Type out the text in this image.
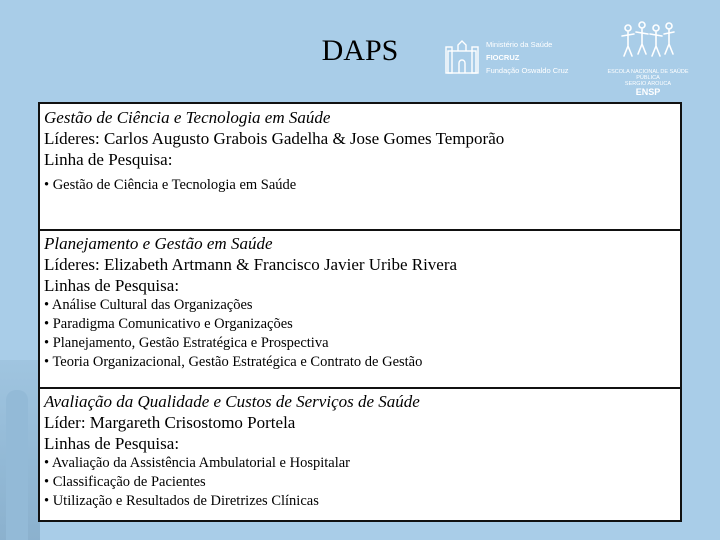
DAPS	Ministério da Saúde
FIOCRUZ
Fundação Oswaldo Cruz	ESCOLA NACIONAL DE SAÚDE PÚBLICA
SERGIO AROUCA
ENSP
Gestão de Ciência e Tecnologia em Saúde
Líderes: Carlos Augusto Grabois Gadelha & Jose Gomes Temporão
Linha de Pesquisa:
• Gestão de Ciência e Tecnologia em Saúde
Planejamento e Gestão em Saúde
Líderes: Elizabeth Artmann & Francisco Javier Uribe Rivera
Linhas de Pesquisa:
• Análise Cultural das Organizações
• Paradigma Comunicativo e Organizações
• Planejamento, Gestão Estratégica e Prospectiva
• Teoria Organizacional, Gestão Estratégica e Contrato de Gestão
Avaliação da Qualidade e Custos de Serviços de Saúde
Líder: Margareth Crisostomo Portela
Linhas de Pesquisa:
• Avaliação da Assistência Ambulatorial e Hospitalar
• Classificação de Pacientes
• Utilização e Resultados de Diretrizes Clínicas
